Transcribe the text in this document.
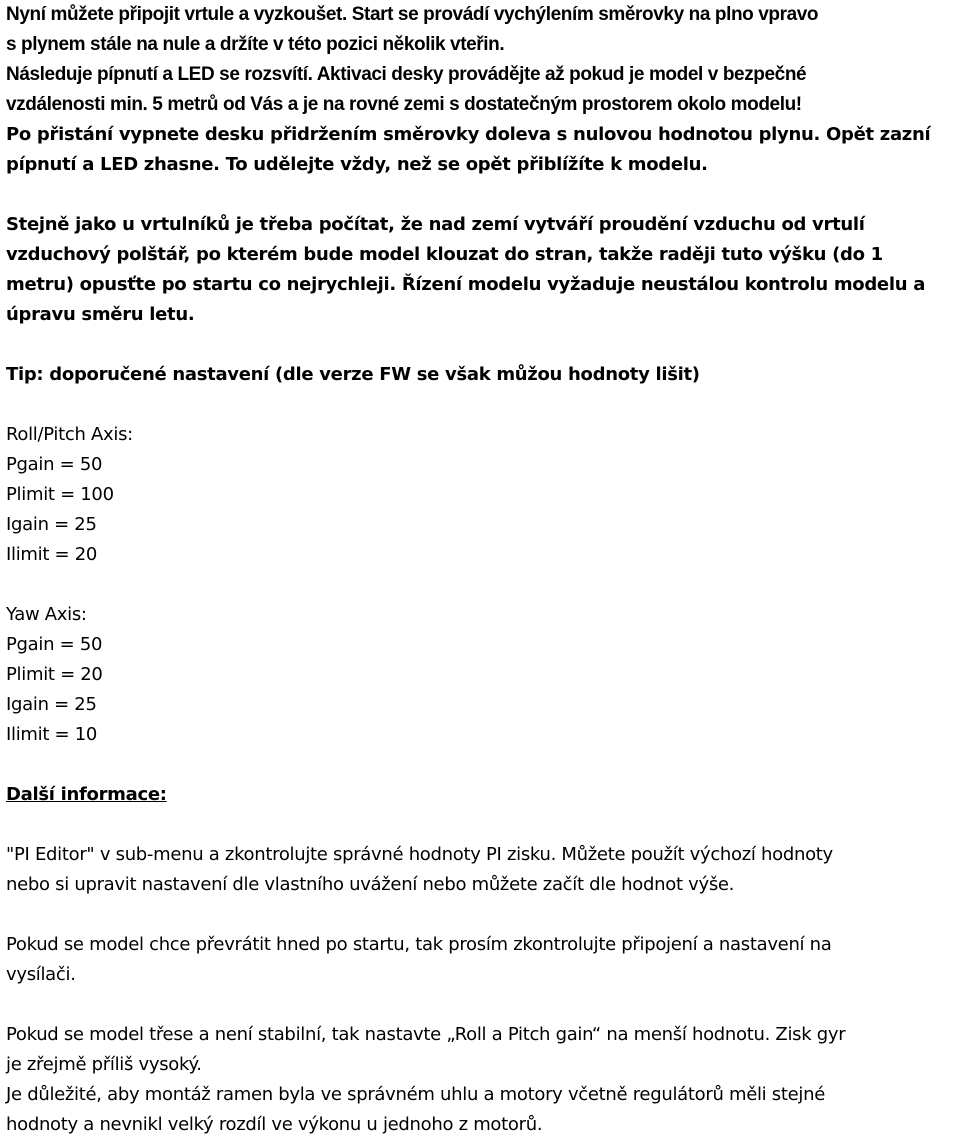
Nyní můžete připojit vrtule a vyzkoušet. Start se provádí vychýlením směrovky na plno vpravo
s plynem stále na nule a držíte v této pozici několik vteřin.
Následuje pípnutí a LED se rozsvítí. Aktivaci desky provádějte až pokud je model v bezpečné
vzdálenosti min. 5 metrů od Vás a je na rovné zemi s dostatečným prostorem okolo modelu!
Po přistání vypnete desku přidržením směrovky doleva s nulovou hodnotou plynu. Opět zazní
pípnutí a LED zhasne. To udělejte vždy, než se opět přiblížíte k modelu.
Stejně jako u vrtulníků je třeba počítat, že nad zemí vytváří proudění vzduchu od vrtulí
vzduchový polštář, po kterém bude model klouzat do stran, takže raději tuto výšku (do 1
metru) opusťte po startu co nejrychleji. Řízení modelu vyžaduje neustálou kontrolu modelu a
úpravu směru letu.
Tip: doporučené nastavení (dle verze FW se však můžou hodnoty lišit)
Roll/Pitch Axis:
Pgain = 50
Plimit = 100
Igain = 25
Ilimit = 20
Yaw Axis:
Pgain = 50
Plimit = 20
Igain = 25
Ilimit = 10
Další informace:
"PI Editor" v sub-menu a zkontrolujte správné hodnoty PI zisku. Můžete použít výchozí hodnoty
nebo si upravit nastavení dle vlastního uvážení nebo můžete začít dle hodnot výše.
Pokud se model chce převrátit hned po startu, tak prosím zkontrolujte připojení a nastavení na
vysílači.
Pokud se model třese a není stabilní, tak nastavte „Roll a Pitch gain“ na menší hodnotu. Zisk gyr
je zřejmě příliš vysoký.
Je důležité, aby montáž ramen byla ve správném uhlu a motory včetně regulátorů měli stejné
hodnoty a nevnikl velký rozdíl ve výkonu u jednoho z motorů.
